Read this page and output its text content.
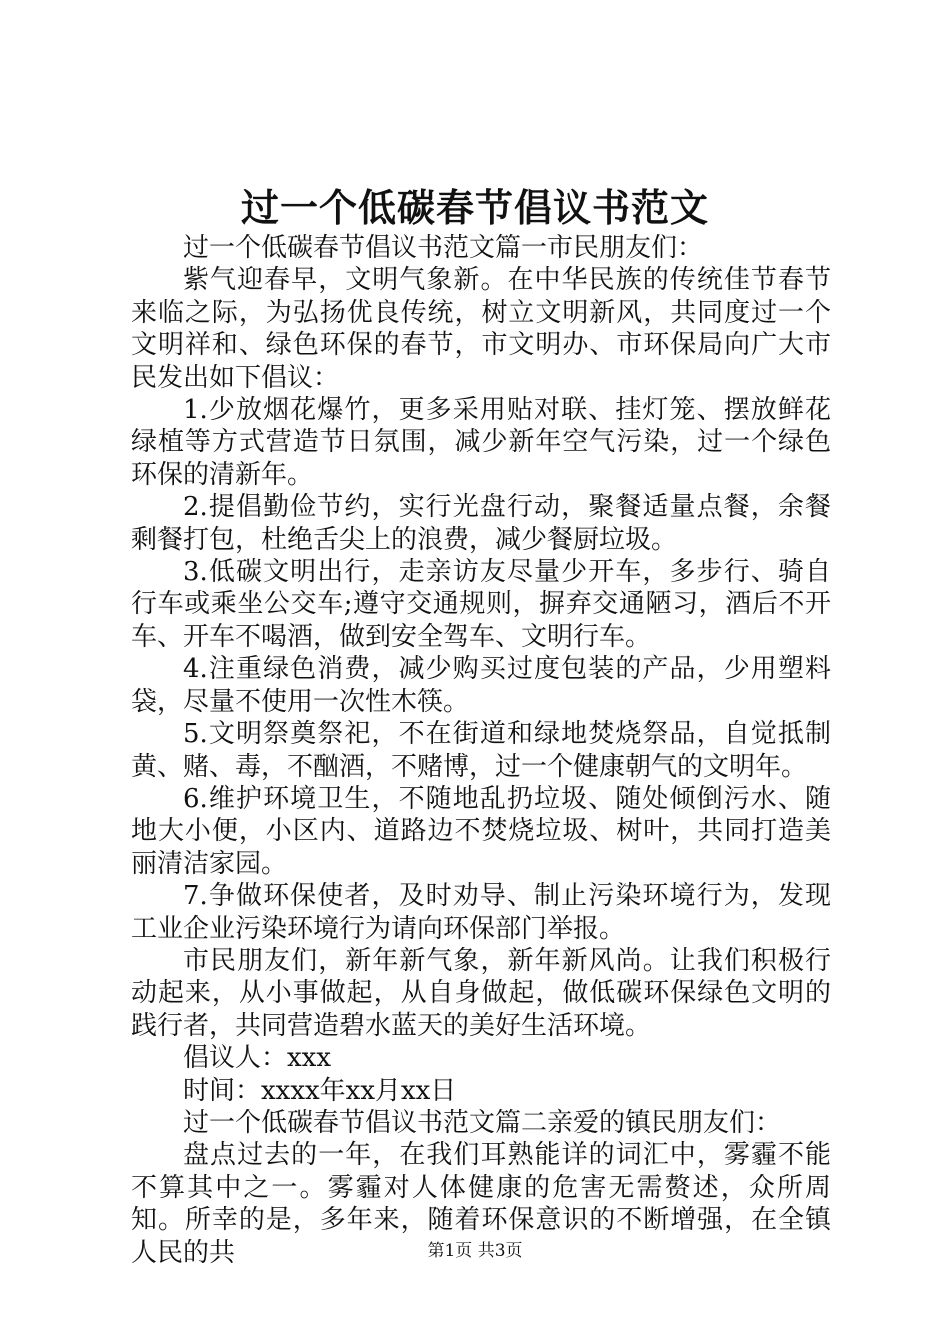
过一个低碳春节倡议书范文

过一个低碳春节倡议书范文篇一市民朋友们：

紫气迎春早，文明气象新。在中华民族的传统佳节春节来临之际，为弘扬优良传统，树立文明新风，共同度过一个文明祥和、绿色环保的春节，市文明办、市环保局向广大市民发出如下倡议：

1.少放烟花爆竹，更多采用贴对联、挂灯笼、摆放鲜花绿植等方式营造节日氛围，减少新年空气污染，过一个绿色环保的清新年。

2.提倡勤俭节约，实行光盘行动，聚餐适量点餐，余餐剩餐打包，杜绝舌尖上的浪费，减少餐厨垃圾。

3.低碳文明出行，走亲访友尽量少开车，多步行、骑自行车或乘坐公交车;遵守交通规则，摒弃交通陋习，酒后不开车、开车不喝酒，做到安全驾车、文明行车。

4.注重绿色消费，减少购买过度包装的产品，少用塑料袋，尽量不使用一次性木筷。

5.文明祭奠祭祀，不在街道和绿地焚烧祭品，自觉抵制黄、赌、毒，不酗酒，不赌博，过一个健康朝气的文明年。

6.维护环境卫生，不随地乱扔垃圾、随处倾倒污水、随地大小便，小区内、道路边不焚烧垃圾、树叶，共同打造美丽清洁家园。

7.争做环保使者，及时劝导、制止污染环境行为，发现工业企业污染环境行为请向环保部门举报。

市民朋友们，新年新气象，新年新风尚。让我们积极行动起来，从小事做起，从自身做起，做低碳环保绿色文明的践行者，共同营造碧水蓝天的美好生活环境。

倡议人：xxx

时间：xxxx年xx月xx日

过一个低碳春节倡议书范文篇二亲爱的镇民朋友们：

盘点过去的一年，在我们耳熟能详的词汇中，雾霾不能不算其中之一。雾霾对人体健康的危害无需赘述，众所周知。所幸的是，多年来，随着环保意识的不断增强，在全镇人民的共	第1页 共3页
